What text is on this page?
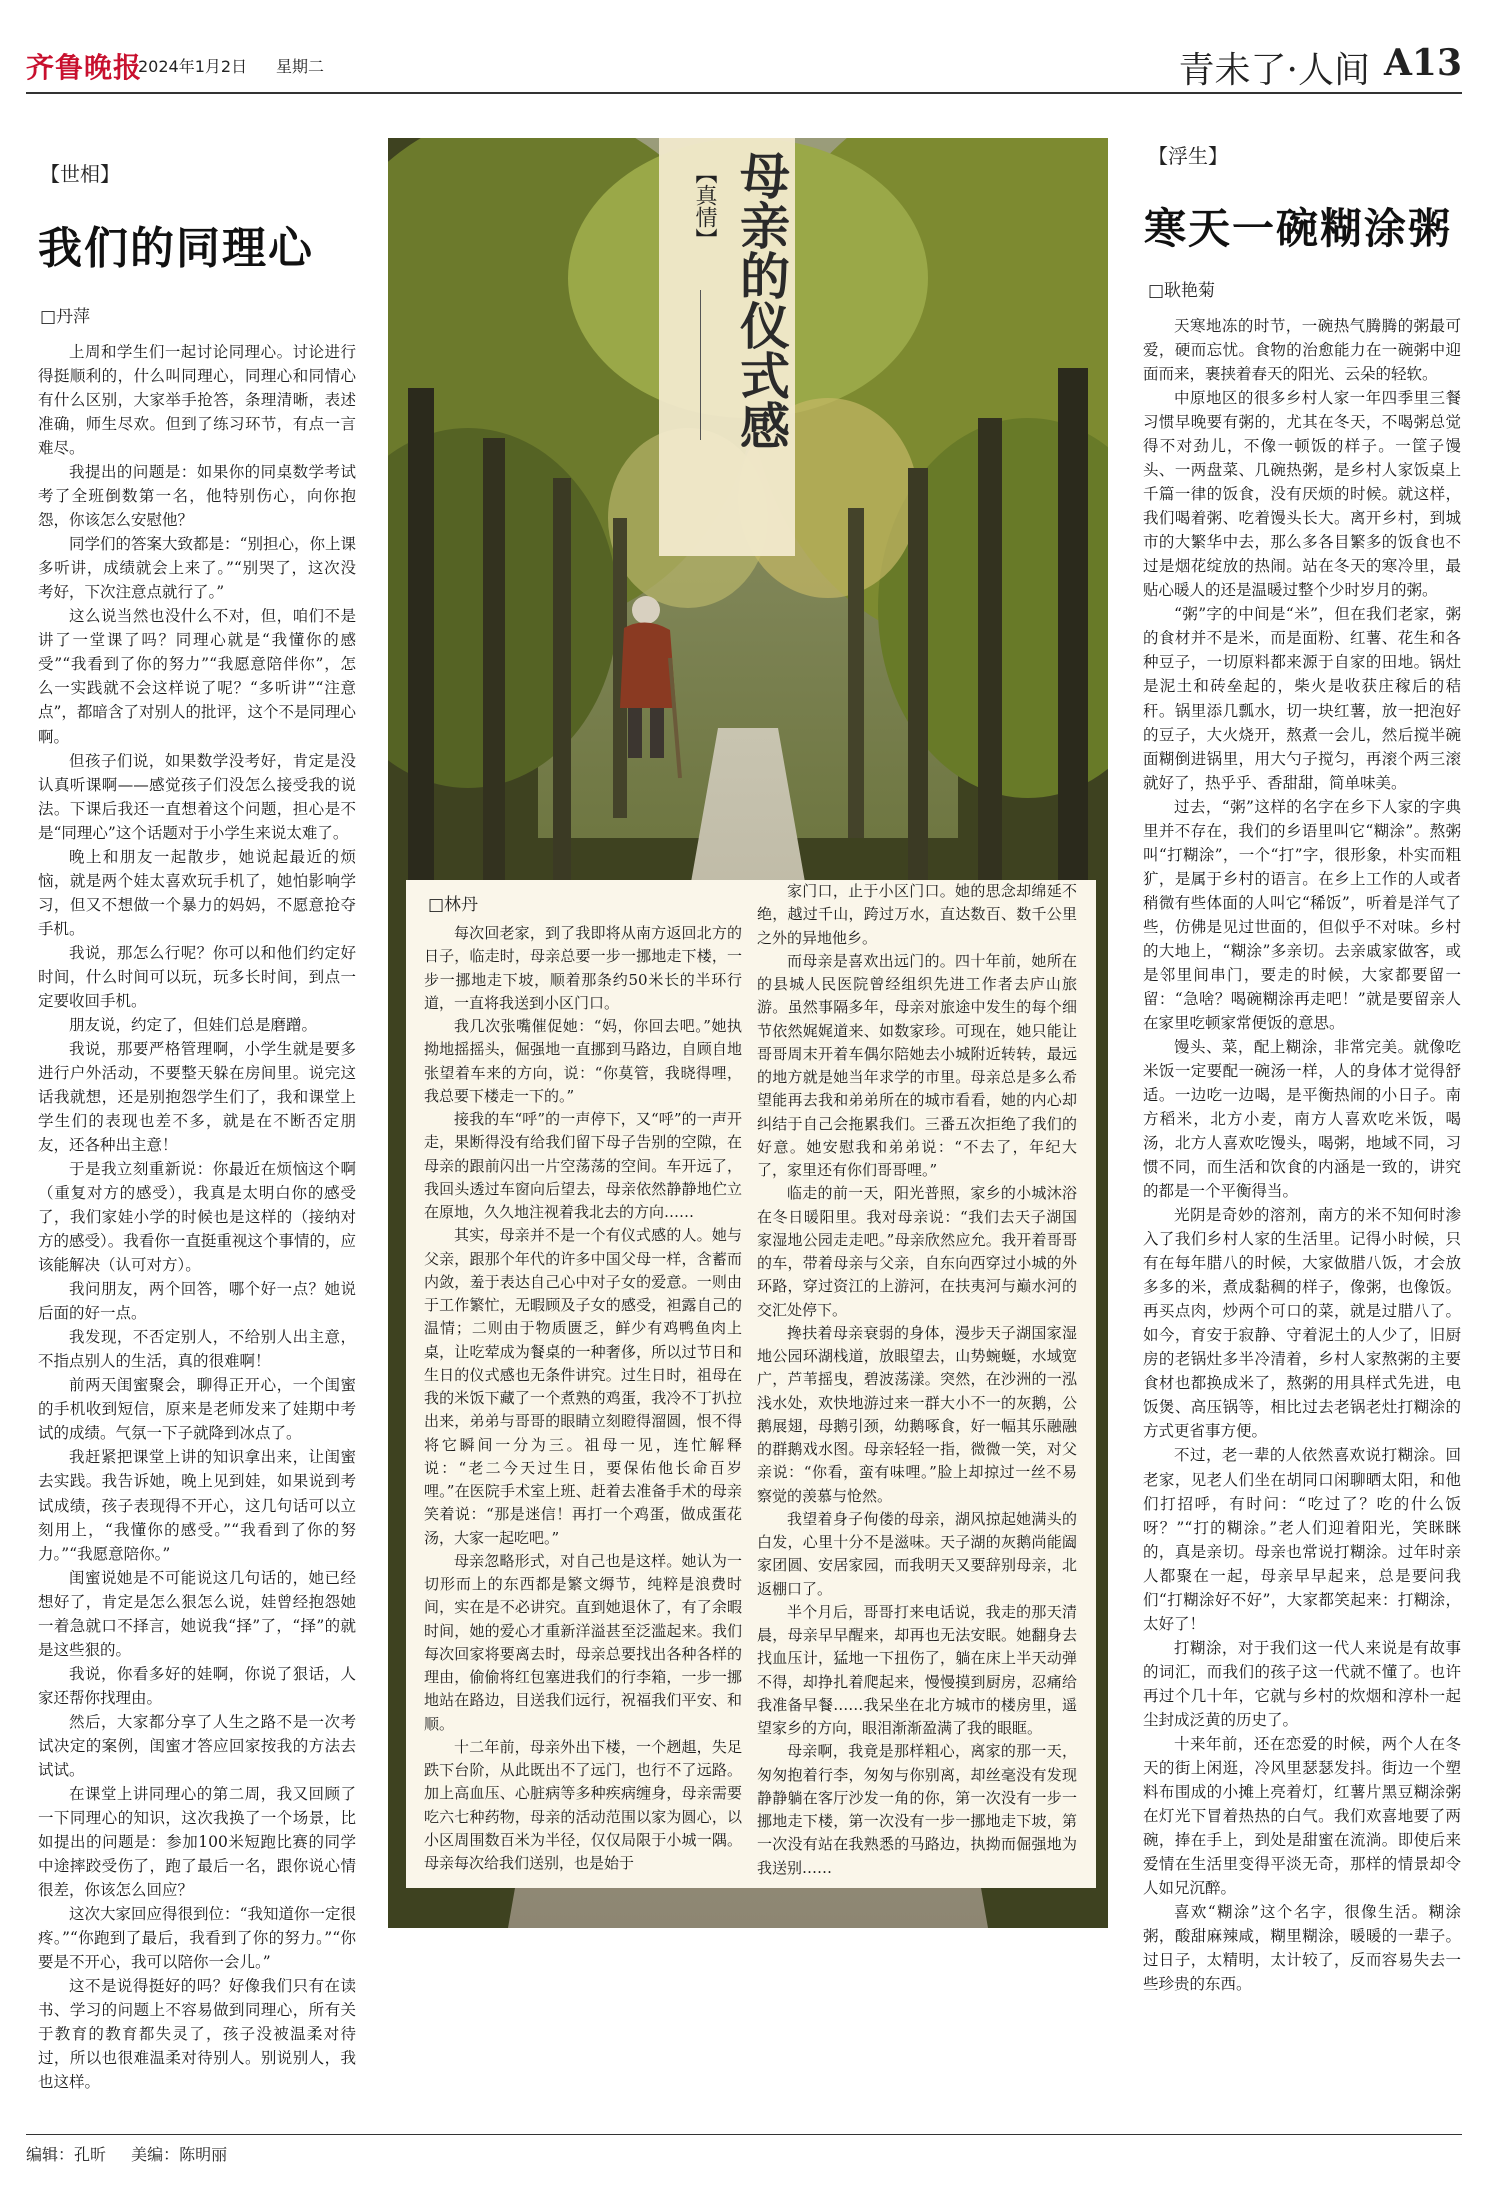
齐鲁晚报
2024年1月2日 星期二	青未了·人间 A13
【世相】
我们的同理心
□丹萍

上周和学生们一起讨论同理心。讨论进行得挺顺利的，什么叫同理心，同理心和同情心有什么区别，大家举手抢答，条理清晰，表述准确，师生尽欢。但到了练习环节，有点一言难尽。

我提出的问题是：如果你的同桌数学考试考了全班倒数第一名，他特别伤心，向你抱怨，你该怎么安慰他？

同学们的答案大致都是：“别担心，你上课多听讲，成绩就会上来了。”“别哭了，这次没考好，下次注意点就行了。”

这么说当然也没什么不对，但，咱们不是讲了一堂课了吗？同理心就是“我懂你的感受”“我看到了你的努力”“我愿意陪伴你”，怎么一实践就不会这样说了呢？“多听讲”“注意点”，都暗含了对别人的批评，这个不是同理心啊。

但孩子们说，如果数学没考好，肯定是没认真听课啊——感觉孩子们没怎么接受我的说法。下课后我还一直想着这个问题，担心是不是“同理心”这个话题对于小学生来说太难了。

晚上和朋友一起散步，她说起最近的烦恼，就是两个娃太喜欢玩手机了，她怕影响学习，但又不想做一个暴力的妈妈，不愿意抢夺手机。

我说，那怎么行呢？你可以和他们约定好时间，什么时间可以玩，玩多长时间，到点一定要收回手机。

朋友说，约定了，但娃们总是磨蹭。

我说，那要严格管理啊，小学生就是要多进行户外活动，不要整天躲在房间里。说完这话我就想，还是别抱怨学生们了，我和课堂上学生们的表现也差不多，就是在不断否定朋友，还各种出主意！

于是我立刻重新说：你最近在烦恼这个啊（重复对方的感受），我真是太明白你的感受了，我们家娃小学的时候也是这样的（接纳对方的感受）。我看你一直挺重视这个事情的，应该能解决（认可对方）。

我问朋友，两个回答，哪个好一点？她说后面的好一点。

我发现，不否定别人，不给别人出主意，不指点别人的生活，真的很难啊！

前两天闺蜜聚会，聊得正开心，一个闺蜜的手机收到短信，原来是老师发来了娃期中考试的成绩。气氛一下子就降到冰点了。

我赶紧把课堂上讲的知识拿出来，让闺蜜去实践。我告诉她，晚上见到娃，如果说到考试成绩，孩子表现得不开心，这几句话可以立刻用上，“我懂你的感受。”“我看到了你的努力。”“我愿意陪你。”

闺蜜说她是不可能说这几句话的，她已经想好了，肯定是怎么狠怎么说，娃曾经抱怨她一着急就口不择言，她说我“择”了，“择”的就是这些狠的。

我说，你看多好的娃啊，你说了狠话，人家还帮你找理由。

然后，大家都分享了人生之路不是一次考试决定的案例，闺蜜才答应回家按我的方法去试试。

在课堂上讲同理心的第二周，我又回顾了一下同理心的知识，这次我换了一个场景，比如提出的问题是：参加100米短跑比赛的同学中途摔跤受伤了，跑了最后一名，跟你说心情很差，你该怎么回应？

这次大家回应得很到位：“我知道你一定很疼。”“你跑到了最后，我看到了你的努力。”“你要是不开心，我可以陪你一会儿。”

这不是说得挺好的吗？好像我们只有在读书、学习的问题上不容易做到同理心，所有关于教育的教育都失灵了，孩子没被温柔对待过，所以也很难温柔对待别人。别说别人，我也这样。

母亲的仪式感
【真情】
□林丹

每次回老家，到了我即将从南方返回北方的日子，临走时，母亲总要一步一挪地走下楼，一步一挪地走下坡，顺着那条约50米长的半环行道，一直将我送到小区门口。

我几次张嘴催促她：“妈，你回去吧。”她执拗地摇摇头，倔强地一直挪到马路边，自顾自地张望着车来的方向，说：“你莫管，我晓得哩，我总要下楼走一下的。”

接我的车“呼”的一声停下，又“呼”的一声开走，果断得没有给我们留下母子告别的空隙，在母亲的跟前闪出一片空荡荡的空间。车开远了，我回头透过车窗向后望去，母亲依然静静地伫立在原地，久久地注视着我北去的方向……

其实，母亲并不是一个有仪式感的人。她与父亲，跟那个年代的许多中国父母一样，含蓄而内敛，羞于表达自己心中对子女的爱意。一则由于工作繁忙，无暇顾及子女的感受，袒露自己的温情；二则由于物质匮乏，鲜少有鸡鸭鱼肉上桌，让吃荤成为餐桌的一种奢侈，所以过节日和生日的仪式感也无条件讲究。过生日时，祖母在我的米饭下藏了一个煮熟的鸡蛋，我冷不丁扒拉出来，弟弟与哥哥的眼睛立刻瞪得溜圆，恨不得将它瞬间一分为三。祖母一见，连忙解释说：“老二今天过生日，要保佑他长命百岁哩。”在医院手术室上班、赶着去准备手术的母亲笑着说：“那是迷信！再打一个鸡蛋，做成蛋花汤，大家一起吃吧。”

母亲忽略形式，对自己也是这样。她认为一切形而上的东西都是繁文缛节，纯粹是浪费时间，实在是不必讲究。直到她退休了，有了余暇时间，她的爱心才重新洋溢甚至泛滥起来。我们每次回家将要离去时，母亲总要找出各种各样的理由，偷偷将红包塞进我们的行李箱，一步一挪地站在路边，目送我们远行，祝福我们平安、和顺。

十二年前，母亲外出下楼，一个趔趄，失足跌下台阶，从此既出不了远门，也行不了远路。加上高血压、心脏病等多种疾病缠身，母亲需要吃六七种药物，母亲的活动范围以家为圆心，以小区周围数百米为半径，仅仅局限于小城一隅。母亲每次给我们送别，也是始于

家门口，止于小区门口。她的思念却绵延不绝，越过千山，跨过万水，直达数百、数千公里之外的异地他乡。

而母亲是喜欢出远门的。四十年前，她所在的县城人民医院曾经组织先进工作者去庐山旅游。虽然事隔多年，母亲对旅途中发生的每个细节依然娓娓道来、如数家珍。可现在，她只能让哥哥周末开着车偶尔陪她去小城附近转转，最远的地方就是她当年求学的市里。母亲总是多么希望能再去我和弟弟所在的城市看看，她的内心却纠结于自己会拖累我们。三番五次拒绝了我们的好意。她安慰我和弟弟说：“不去了，年纪大了，家里还有你们哥哥哩。”

临走的前一天，阳光普照，家乡的小城沐浴在冬日暖阳里。我对母亲说：“我们去天子湖国家湿地公园走走吧。”母亲欣然应允。我开着哥哥的车，带着母亲与父亲，自东向西穿过小城的外环路，穿过资江的上游河，在扶夷河与巅水河的交汇处停下。

搀扶着母亲衰弱的身体，漫步天子湖国家湿地公园环湖栈道，放眼望去，山势蜿蜒，水域宽广，芦苇摇曳，碧波荡漾。突然，在沙洲的一泓浅水处，欢快地游过来一群大小不一的灰鹅，公鹅展翅，母鹅引颈，幼鹅啄食，好一幅其乐融融的群鹅戏水图。母亲轻轻一指，微微一笑，对父亲说：“你看，蛮有味哩。”脸上却掠过一丝不易察觉的羡慕与怆然。

我望着身子佝偻的母亲，湖风掠起她满头的白发，心里十分不是滋味。天子湖的灰鹅尚能阖家团圆、安居家园，而我明天又要辞别母亲，北返棚口了。

半个月后，哥哥打来电话说，我走的那天清晨，母亲早早醒来，却再也无法安眠。她翻身去找血压计，猛地一下扭伤了，躺在床上半天动弹不得，却挣扎着爬起来，慢慢摸到厨房，忍痛给我准备早餐……我呆坐在北方城市的楼房里，遥望家乡的方向，眼泪渐渐盈满了我的眼眶。

母亲啊，我竟是那样粗心，离家的那一天，匆匆抱着行李，匆匆与你别离，却丝毫没有发现静静躺在客厅沙发一角的你，第一次没有一步一挪地走下楼，第一次没有一步一挪地走下坡，第一次没有站在我熟悉的马路边，执拗而倔强地为我送别……

【浮生】
寒天一碗糊涂粥
□耿艳菊

天寒地冻的时节，一碗热气腾腾的粥最可爱，硬而忘忧。食物的治愈能力在一碗粥中迎面而来，裹挟着春天的阳光、云朵的轻软。

中原地区的很多乡村人家一年四季里三餐习惯早晚要有粥的，尤其在冬天，不喝粥总觉得不对劲儿，不像一顿饭的样子。一筐子馒头、一两盘菜、几碗热粥，是乡村人家饭桌上千篇一律的饭食，没有厌烦的时候。就这样，我们喝着粥、吃着馒头长大。离开乡村，到城市的大繁华中去，那么多各目繁多的饭食也不过是烟花绽放的热闹。站在冬天的寒冷里，最贴心暖人的还是温暖过整个少时岁月的粥。

“粥”字的中间是“米”，但在我们老家，粥的食材并不是米，而是面粉、红薯、花生和各种豆子，一切原料都来源于自家的田地。锅灶是泥土和砖垒起的，柴火是收获庄稼后的秸秆。锅里添几瓢水，切一块红薯，放一把泡好的豆子，大火烧开，熬煮一会儿，然后搅半碗面糊倒进锅里，用大勺子搅匀，再滚个两三滚就好了，热乎乎、香甜甜，简单味美。

过去，“粥”这样的名字在乡下人家的字典里并不存在，我们的乡语里叫它“糊涂”。熬粥叫“打糊涂”，一个“打”字，很形象，朴实而粗犷，是属于乡村的语言。在乡上工作的人或者稍微有些体面的人叫它“稀饭”，听着是洋气了些，仿佛是见过世面的，但似乎不对味。乡村的大地上，“糊涂”多亲切。去亲戚家做客，或是邻里间串门，要走的时候，大家都要留一留：“急啥？喝碗糊涂再走吧！”就是要留亲人在家里吃顿家常便饭的意思。

馒头、菜，配上糊涂，非常完美。就像吃米饭一定要配一碗汤一样，人的身体才觉得舒适。一边吃一边喝，是平衡热闹的小日子。南方稻米，北方小麦，南方人喜欢吃米饭，喝汤，北方人喜欢吃馒头，喝粥，地域不同，习惯不同，而生活和饮食的内涵是一致的，讲究的都是一个平衡得当。

光阴是奇妙的溶剂，南方的米不知何时渗入了我们乡村人家的生活里。记得小时候，只有在每年腊八的时候，大家做腊八饭，才会放多多的米，煮成黏稠的样子，像粥，也像饭。再买点肉，炒两个可口的菜，就是过腊八了。如今，育安于寂静、守着泥土的人少了，旧厨房的老锅灶多半冷清着，乡村人家熬粥的主要食材也都换成米了，熬粥的用具样式先进，电饭煲、高压锅等，相比过去老锅老灶打糊涂的方式更省事方便。

不过，老一辈的人依然喜欢说打糊涂。回老家，见老人们坐在胡同口闲聊晒太阳，和他们打招呼，有时问：“吃过了？吃的什么饭呀？”“打的糊涂。”老人们迎着阳光，笑眯眯的，真是亲切。母亲也常说打糊涂。过年时亲人都聚在一起，母亲早早起来，总是要问我们“打糊涂好不好”，大家都笑起来：打糊涂，太好了！

打糊涂，对于我们这一代人来说是有故事的词汇，而我们的孩子这一代就不懂了。也许再过个几十年，它就与乡村的炊烟和淳朴一起尘封成泛黄的历史了。

十来年前，还在恋爱的时候，两个人在冬天的街上闲逛，冷风里瑟瑟发抖。街边一个塑料布围成的小摊上亮着灯，红薯片黑豆糊涂粥在灯光下冒着热热的白气。我们欢喜地要了两碗，捧在手上，到处是甜蜜在流淌。即使后来爱情在生活里变得平淡无奇，那样的情景却令人如兄沉醉。

喜欢“糊涂”这个名字，很像生活。糊涂粥，酸甜麻辣咸，糊里糊涂，暖暖的一辈子。过日子，太精明，太计较了，反而容易失去一些珍贵的东西。

编辑：孔昕 美编：陈明丽
